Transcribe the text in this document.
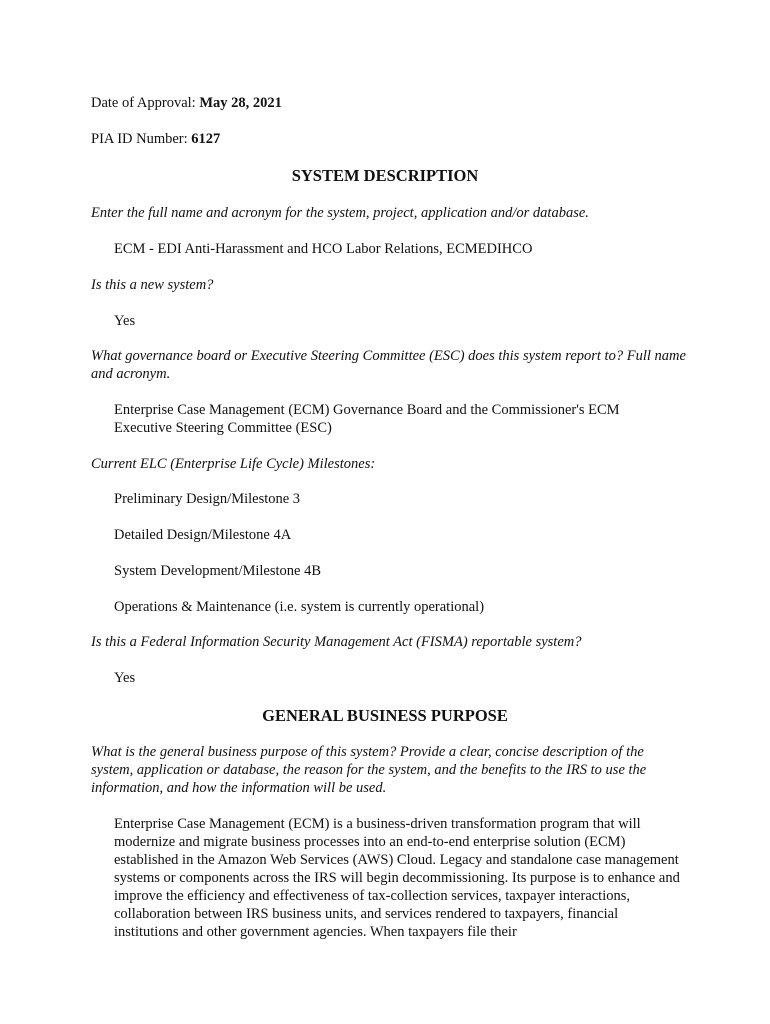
Date of Approval: May 28, 2021
PIA ID Number: 6127
SYSTEM DESCRIPTION
Enter the full name and acronym for the system, project, application and/or database.
ECM - EDI Anti-Harassment and HCO Labor Relations, ECMEDIHCO
Is this a new system?
Yes
What governance board or Executive Steering Committee (ESC) does this system report to? Full name and acronym.
Enterprise Case Management (ECM) Governance Board and the Commissioner's ECM Executive Steering Committee (ESC)
Current ELC (Enterprise Life Cycle) Milestones:
Preliminary Design/Milestone 3
Detailed Design/Milestone 4A
System Development/Milestone 4B
Operations & Maintenance (i.e. system is currently operational)
Is this a Federal Information Security Management Act (FISMA) reportable system?
Yes
GENERAL BUSINESS PURPOSE
What is the general business purpose of this system? Provide a clear, concise description of the system, application or database, the reason for the system, and the benefits to the IRS to use the information, and how the information will be used.
Enterprise Case Management (ECM) is a business-driven transformation program that will modernize and migrate business processes into an end-to-end enterprise solution (ECM) established in the Amazon Web Services (AWS) Cloud. Legacy and standalone case management systems or components across the IRS will begin decommissioning. Its purpose is to enhance and improve the efficiency and effectiveness of tax-collection services, taxpayer interactions, collaboration between IRS business units, and services rendered to taxpayers, financial institutions and other government agencies. When taxpayers file their
